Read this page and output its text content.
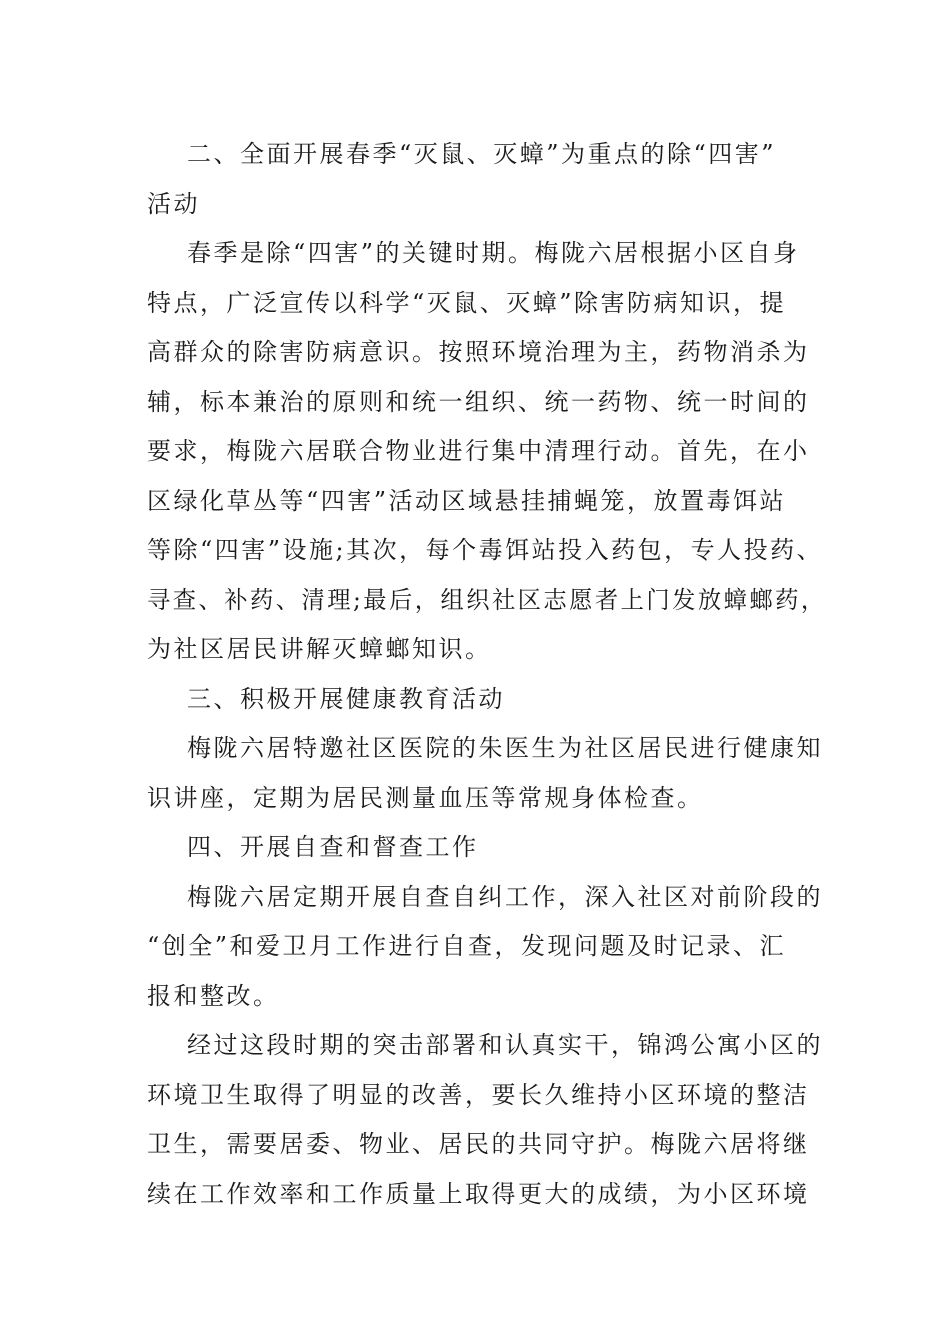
二、全面开展春季“灭鼠、灭蟑”为重点的除“四害”
活动
春季是除“四害”的关键时期。梅陇六居根据小区自身
特点，广泛宣传以科学“灭鼠、灭蟑”除害防病知识，提
高群众的除害防病意识。按照环境治理为主，药物消杀为
辅，标本兼治的原则和统一组织、统一药物、统一时间的
要求，梅陇六居联合物业进行集中清理行动。首先，在小
区绿化草丛等“四害”活动区域悬挂捕蝇笼，放置毒饵站
等除“四害”设施;其次，每个毒饵站投入药包，专人投药、
寻查、补药、清理;最后，组织社区志愿者上门发放蟑螂药，
为社区居民讲解灭蟑螂知识。
三、积极开展健康教育活动
梅陇六居特邀社区医院的朱医生为社区居民进行健康知
识讲座，定期为居民测量血压等常规身体检查。
四、开展自查和督查工作
梅陇六居定期开展自查自纠工作，深入社区对前阶段的
“创全”和爱卫月工作进行自查，发现问题及时记录、汇
报和整改。
经过这段时期的突击部署和认真实干，锦鸿公寓小区的
环境卫生取得了明显的改善，要长久维持小区环境的整洁
卫生，需要居委、物业、居民的共同守护。梅陇六居将继
续在工作效率和工作质量上取得更大的成绩，为小区环境
